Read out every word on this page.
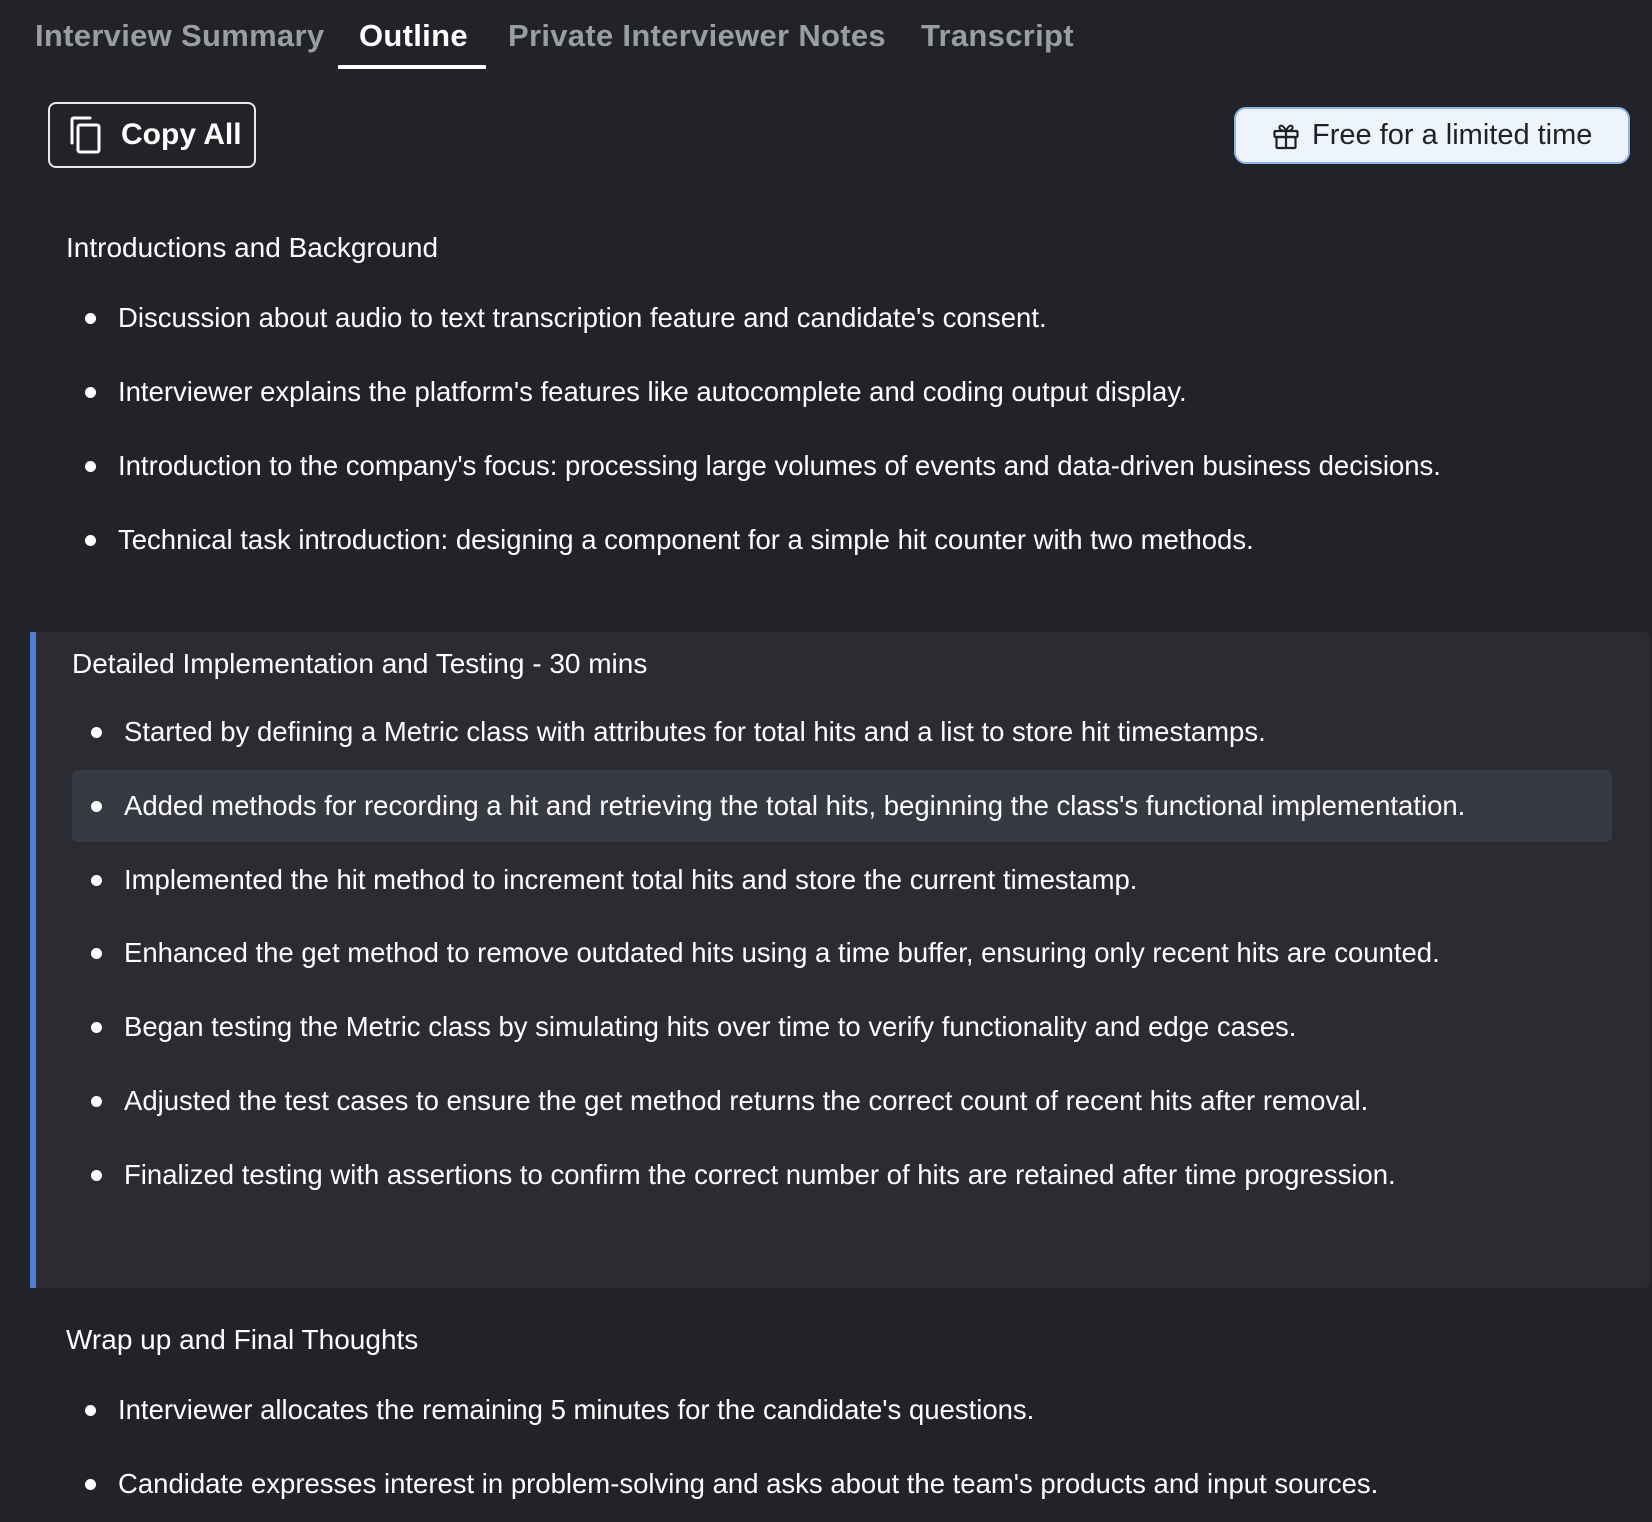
Interview Summary Outline Private Interviewer Notes Transcript
Copy All	Free for a limited time
Introductions and Background
Discussion about audio to text transcription feature and candidate's consent.
Interviewer explains the platform's features like autocomplete and coding output display.
Introduction to the company's focus: processing large volumes of events and data-driven business decisions.
Technical task introduction: designing a component for a simple hit counter with two methods.
Detailed Implementation and Testing - 30 mins
Started by defining a Metric class with attributes for total hits and a list to store hit timestamps.
Added methods for recording a hit and retrieving the total hits, beginning the class's functional implementation.
Implemented the hit method to increment total hits and store the current timestamp.
Enhanced the get method to remove outdated hits using a time buffer, ensuring only recent hits are counted.
Began testing the Metric class by simulating hits over time to verify functionality and edge cases.
Adjusted the test cases to ensure the get method returns the correct count of recent hits after removal.
Finalized testing with assertions to confirm the correct number of hits are retained after time progression.
Wrap up and Final Thoughts
Interviewer allocates the remaining 5 minutes for the candidate's questions.
Candidate expresses interest in problem-solving and asks about the team's products and input sources.
